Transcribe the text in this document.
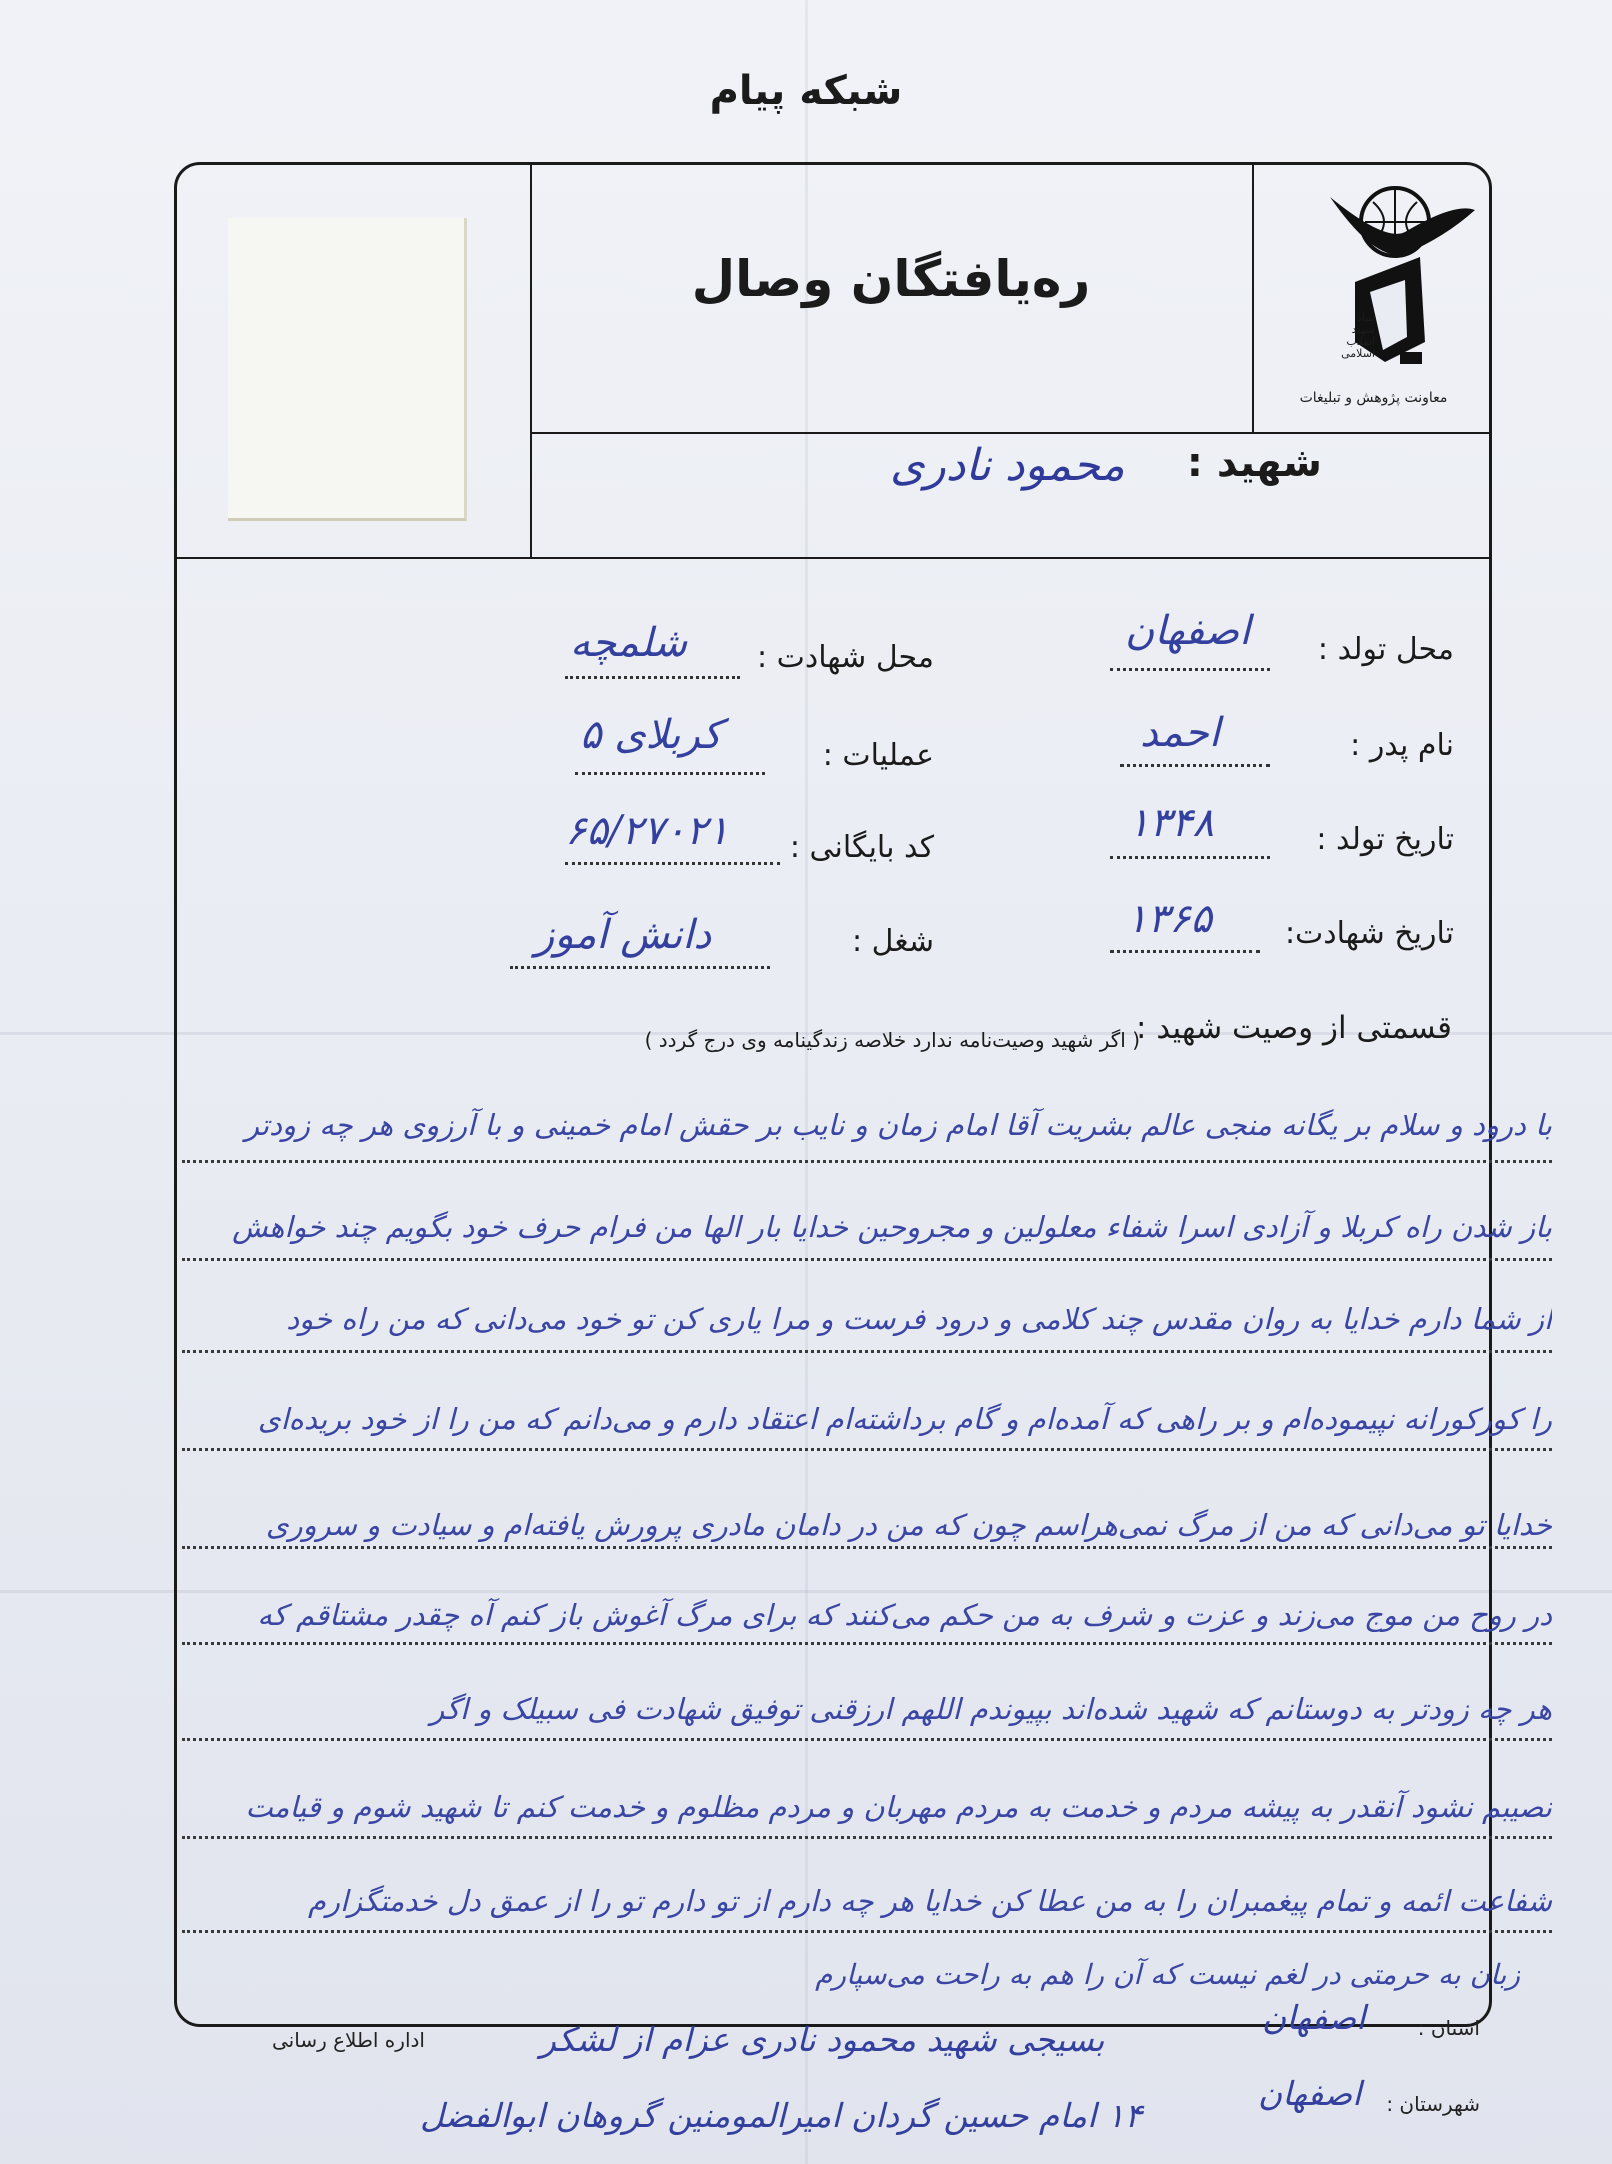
شبکه پیام
ره‌یافتگان وصال
بنیاد
شهید
انقلاب اسلامی
معاونت پژوهش و تبلیغات
شهید :
محمود نادری
محل تولد :
اصفهان
محل شهادت :
شلمچه
نام پدر :
احمد
عملیات :
کربلای ۵
تاریخ تولد :
۱۳۴۸
کد بایگانی :
۶۵/۲۷۰۲۱
تاریخ شهادت:
۱۳۶۵
شغل :
دانش آموز
قسمتی از وصیت شهید :
( اگر شهید وصیت‌نامه ندارد خلاصه زندگینامه وی درج گردد )
با درود و سلام بر یگانه منجی عالم بشریت آقا امام زمان و نایب بر حقش امام خمینی و با آرزوی هر چه زودتر
باز شدن راه کربلا و آزادی اسرا شفاء معلولین و مجروحین خدایا بار الها من فرام حرف خود بگویم چند خواهش
از شما دارم خدایا به روان مقدس چند کلامی و درود فرست و مرا یاری کن تو خود می‌دانی که من راه خود
را کورکورانه نپیموده‌ام و بر راهی که آمده‌ام و گام برداشته‌ام اعتقاد دارم و می‌دانم که من را از خود بریده‌ای
خدایا تو می‌دانی که من از مرگ نمی‌هراسم چون که من در دامان مادری پرورش یافته‌ام و سیادت و سروری
در روح من موج می‌زند و عزت و شرف به من حکم می‌کنند که برای مرگ آغوش باز کنم آه چقدر مشتاقم که
هر چه زودتر به دوستانم که شهید شده‌اند بپیوندم اللهم ارزقنی توفیق شهادت فی سبیلک و اگر
نصیبم نشود آنقدر به پیشه مردم و خدمت به مردم مهربان و مردم مظلوم و خدمت کنم تا شهید شوم و قیامت
شفاعت ائمه و تمام پیغمبران را به من عطا کن خدایا هر چه دارم از تو دارم تو را از عمق دل خدمتگزارم
زبان به حرمتی در لغم نیست که آن را هم به راحت می‌سپارم
اداره اطلاع رسانی	استان :
اصفهان
شهرستان :
اصفهان
بسیجی شهید محمود نادری عزام از لشکر
۱۴ امام حسین گردان امیرالمومنین گروهان ابوالفضل
